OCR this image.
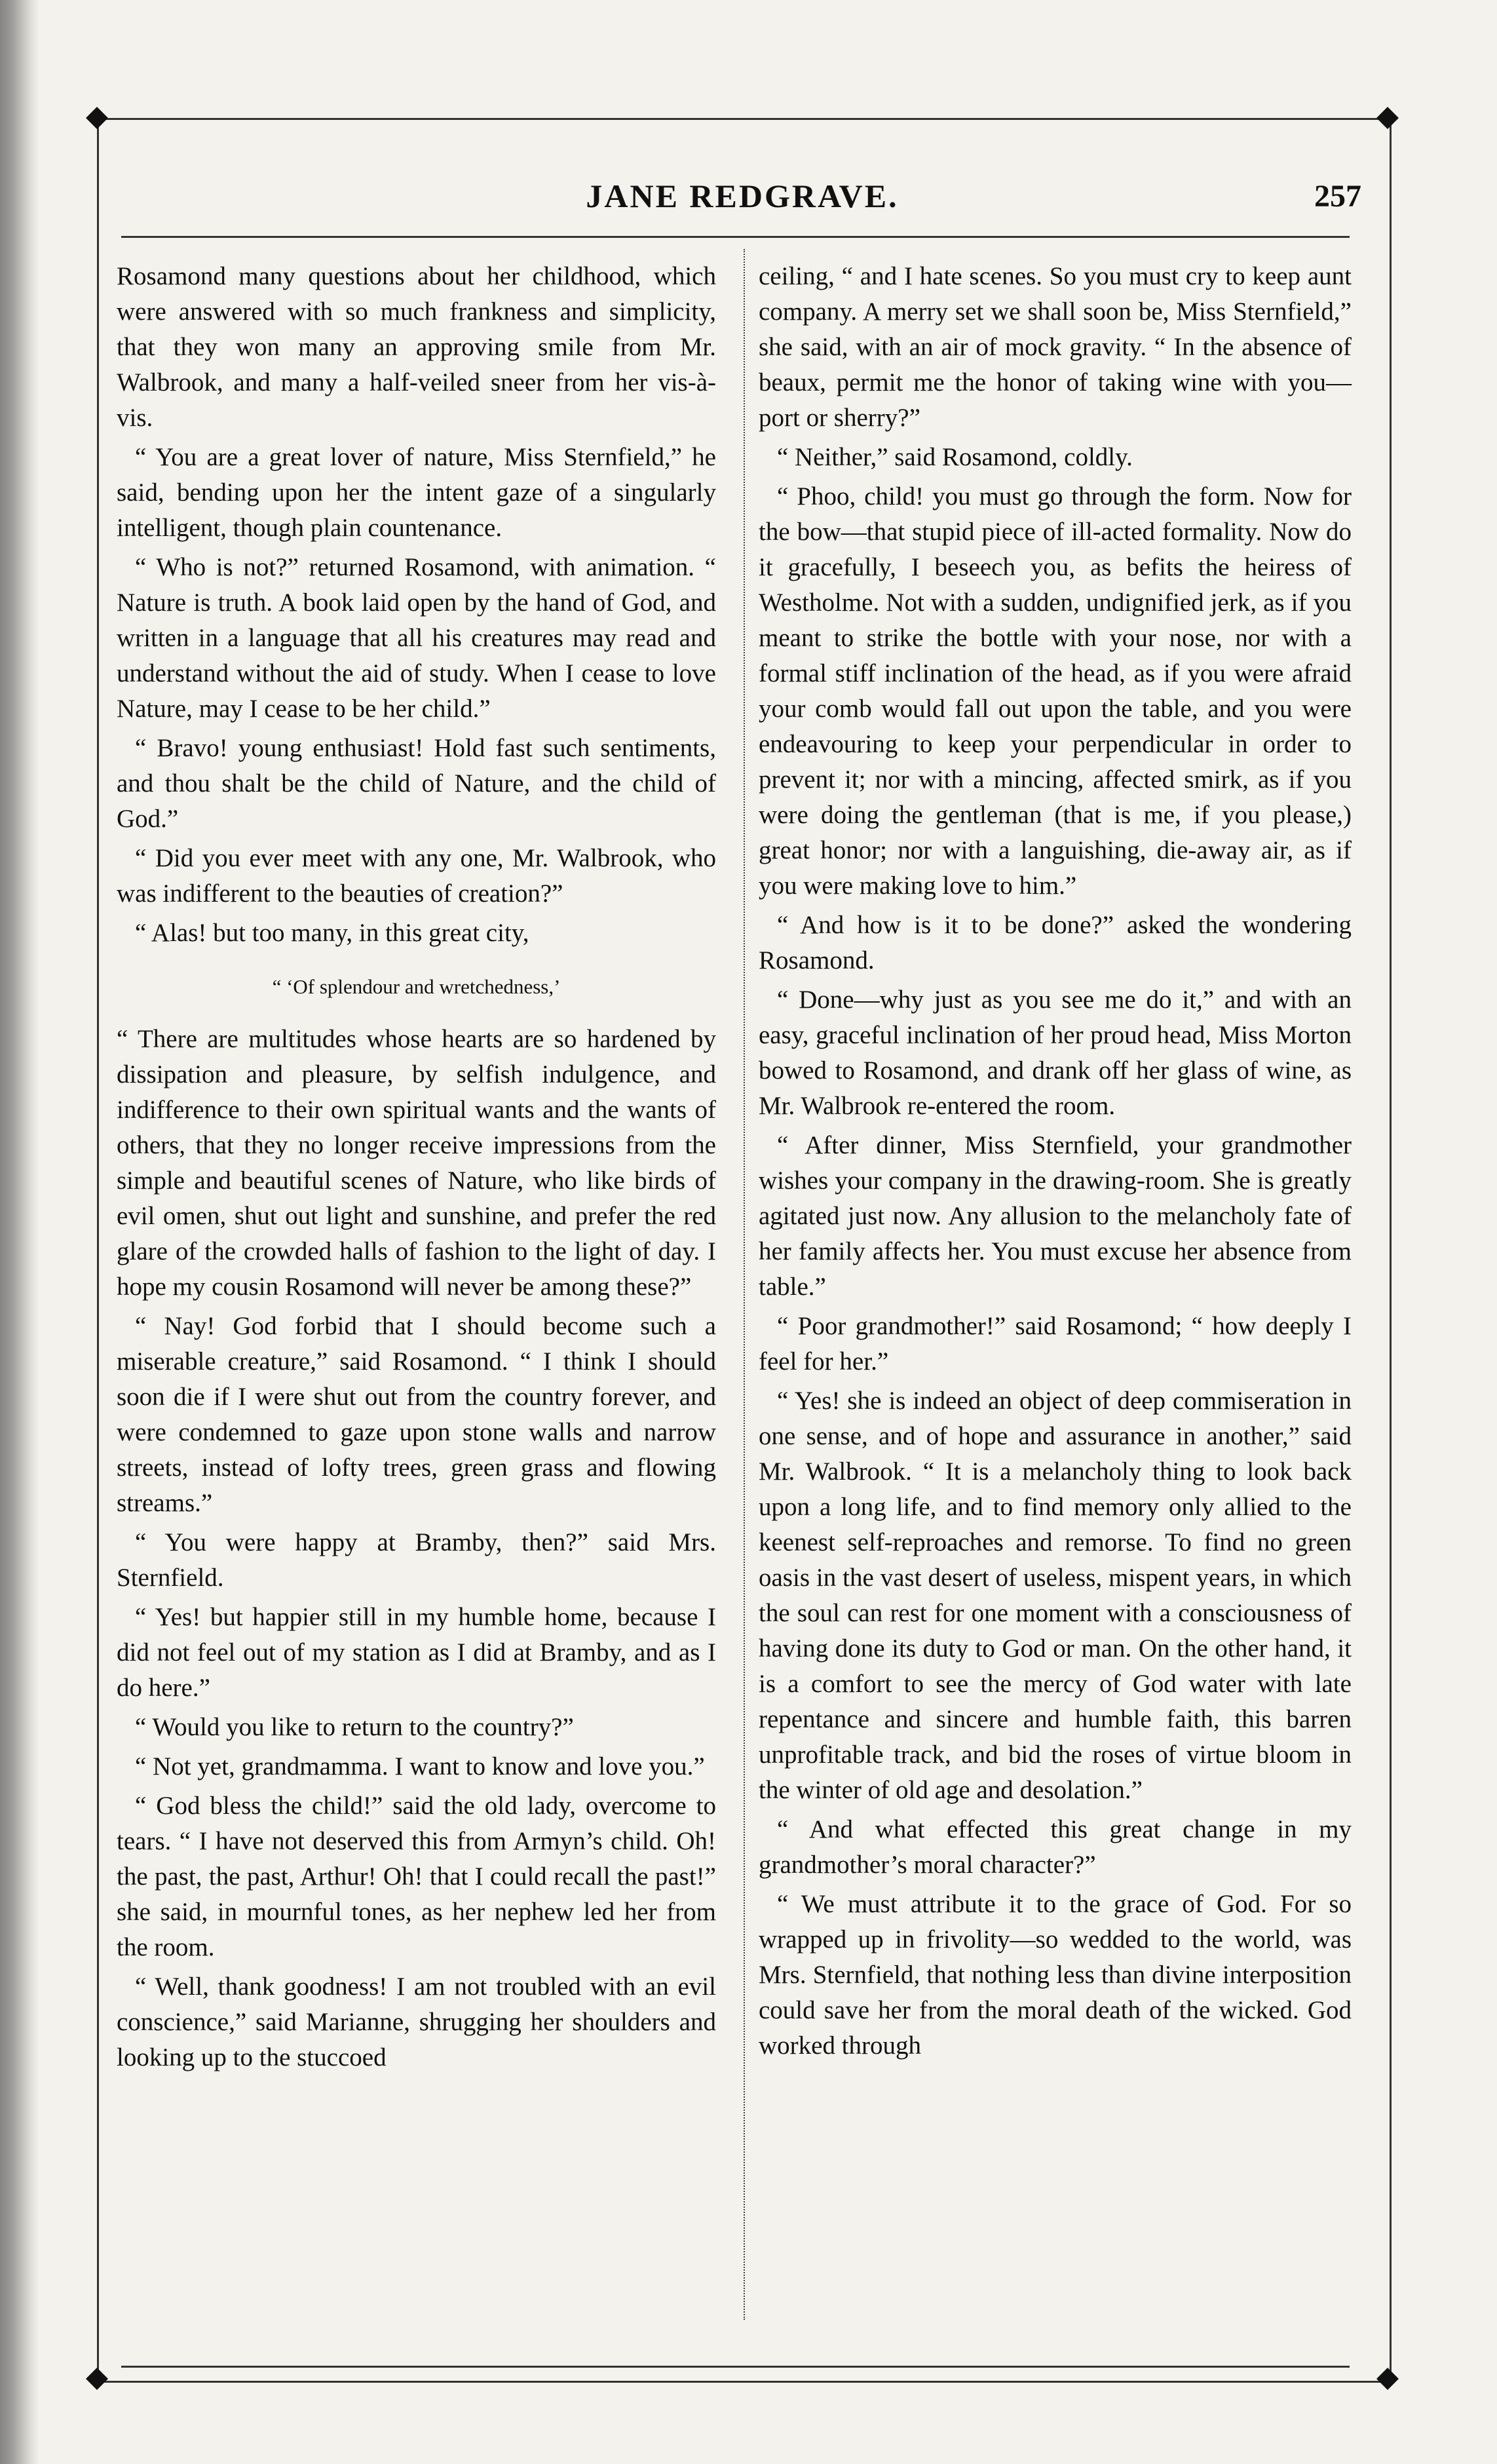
JANE REDGRAVE.	257

Rosamond many questions about her childhood, which were answered with so much frankness and simplicity, that they won many an approving smile from Mr. Walbrook, and many a half-veiled sneer from her vis-à-vis.

“ You are a great lover of nature, Miss Sternfield,” he said, bending upon her the intent gaze of a singularly intelligent, though plain countenance.

“ Who is not?” returned Rosamond, with animation. “ Nature is truth. A book laid open by the hand of God, and written in a language that all his creatures may read and understand without the aid of study. When I cease to love Nature, may I cease to be her child.”

“ Bravo! young enthusiast! Hold fast such sentiments, and thou shalt be the child of Nature, and the child of God.”

“ Did you ever meet with any one, Mr. Walbrook, who was indifferent to the beauties of creation?”

“ Alas! but too many, in this great city,

“ ‘Of splendour and wretchedness,’

“ There are multitudes whose hearts are so hardened by dissipation and pleasure, by selfish indulgence, and indifference to their own spiritual wants and the wants of others, that they no longer receive impressions from the simple and beautiful scenes of Nature, who like birds of evil omen, shut out light and sunshine, and prefer the red glare of the crowded halls of fashion to the light of day. I hope my cousin Rosamond will never be among these?”

“ Nay! God forbid that I should become such a miserable creature,” said Rosamond. “ I think I should soon die if I were shut out from the country forever, and were condemned to gaze upon stone walls and narrow streets, instead of lofty trees, green grass and flowing streams.”

“ You were happy at Bramby, then?” said Mrs. Sternfield.

“ Yes! but happier still in my humble home, because I did not feel out of my station as I did at Bramby, and as I do here.”

“ Would you like to return to the country?”

“ Not yet, grandmamma. I want to know and love you.”

“ God bless the child!” said the old lady, overcome to tears. “ I have not deserved this from Armyn’s child. Oh! the past, the past, Arthur! Oh! that I could recall the past!” she said, in mournful tones, as her nephew led her from the room.

“ Well, thank goodness! I am not troubled with an evil conscience,” said Marianne, shrugging her shoulders and looking up to the stuccoed

ceiling, “ and I hate scenes. So you must cry to keep aunt company. A merry set we shall soon be, Miss Sternfield,” she said, with an air of mock gravity. “ In the absence of beaux, permit me the honor of taking wine with you—port or sherry?”

“ Neither,” said Rosamond, coldly.

“ Phoo, child! you must go through the form. Now for the bow—that stupid piece of ill-acted formality. Now do it gracefully, I beseech you, as befits the heiress of Westholme. Not with a sudden, undignified jerk, as if you meant to strike the bottle with your nose, nor with a formal stiff inclination of the head, as if you were afraid your comb would fall out upon the table, and you were endeavouring to keep your perpendicular in order to prevent it; nor with a mincing, affected smirk, as if you were doing the gentleman (that is me, if you please,) great honor; nor with a languishing, die-away air, as if you were making love to him.”

“ And how is it to be done?” asked the wondering Rosamond.

“ Done—why just as you see me do it,” and with an easy, graceful inclination of her proud head, Miss Morton bowed to Rosamond, and drank off her glass of wine, as Mr. Walbrook re-entered the room.

“ After dinner, Miss Sternfield, your grandmother wishes your company in the drawing-room. She is greatly agitated just now. Any allusion to the melancholy fate of her family affects her. You must excuse her absence from table.”

“ Poor grandmother!” said Rosamond; “ how deeply I feel for her.”

“ Yes! she is indeed an object of deep commiseration in one sense, and of hope and assurance in another,” said Mr. Walbrook. “ It is a melancholy thing to look back upon a long life, and to find memory only allied to the keenest self-reproaches and remorse. To find no green oasis in the vast desert of useless, mispent years, in which the soul can rest for one moment with a consciousness of having done its duty to God or man. On the other hand, it is a comfort to see the mercy of God water with late repentance and sincere and humble faith, this barren unprofitable track, and bid the roses of virtue bloom in the winter of old age and desolation.”

“ And what effected this great change in my grandmother’s moral character?”

“ We must attribute it to the grace of God. For so wrapped up in frivolity—so wedded to the world, was Mrs. Sternfield, that nothing less than divine interposition could save her from the moral death of the wicked. God worked through
